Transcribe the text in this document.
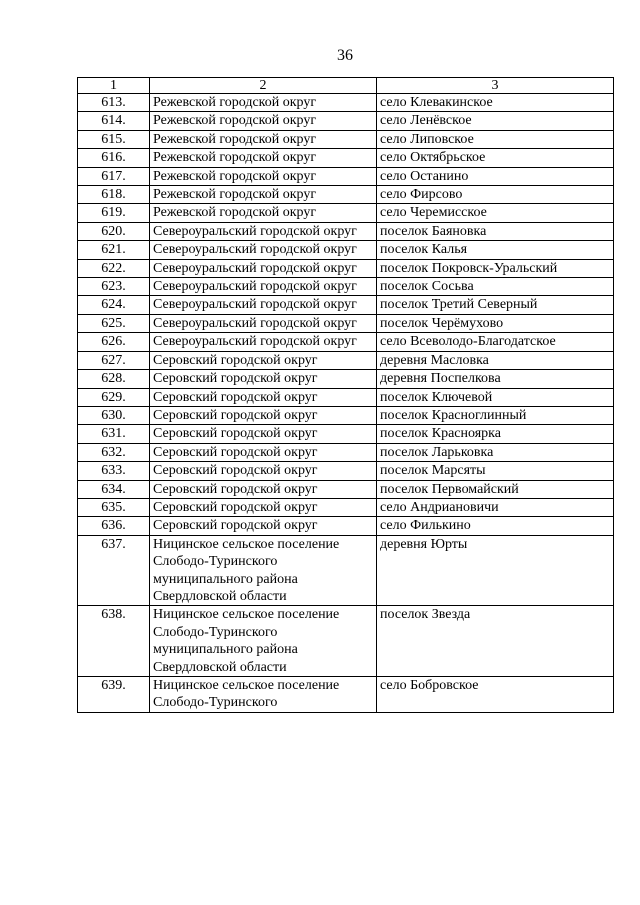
36
1	2	3
613.	Режевской городской округ	село Клевакинское
614.	Режевской городской округ	село Ленёвское
615.	Режевской городской округ	село Липовское
616.	Режевской городской округ	село Октябрьское
617.	Режевской городской округ	село Останино
618.	Режевской городской округ	село Фирсово
619.	Режевской городской округ	село Черемисское
620.	Североуральский городской округ	поселок Баяновка
621.	Североуральский городской округ	поселок Калья
622.	Североуральский городской округ	поселок Покровск-Уральский
623.	Североуральский городской округ	поселок Сосьва
624.	Североуральский городской округ	поселок Третий Северный
625.	Североуральский городской округ	поселок Черёмухово
626.	Североуральский городской округ	село Всеволодо-Благодатское
627.	Серовский городской округ	деревня Масловка
628.	Серовский городской округ	деревня Поспелкова
629.	Серовский городской округ	поселок Ключевой
630.	Серовский городской округ	поселок Красноглинный
631.	Серовский городской округ	поселок Красноярка
632.	Серовский городской округ	поселок Ларьковка
633.	Серовский городской округ	поселок Марсяты
634.	Серовский городской округ	поселок Первомайский
635.	Серовский городской округ	село Андриановичи
636.	Серовский городской округ	село Филькино
637.	Ницинское сельское поселение Слободо-Туринского муниципального района Свердловской области	деревня Юрты
638.	Ницинское сельское поселение Слободо-Туринского муниципального района Свердловской области	поселок Звезда
639.	Ницинское сельское поселение Слободо-Туринского	село Бобровское
